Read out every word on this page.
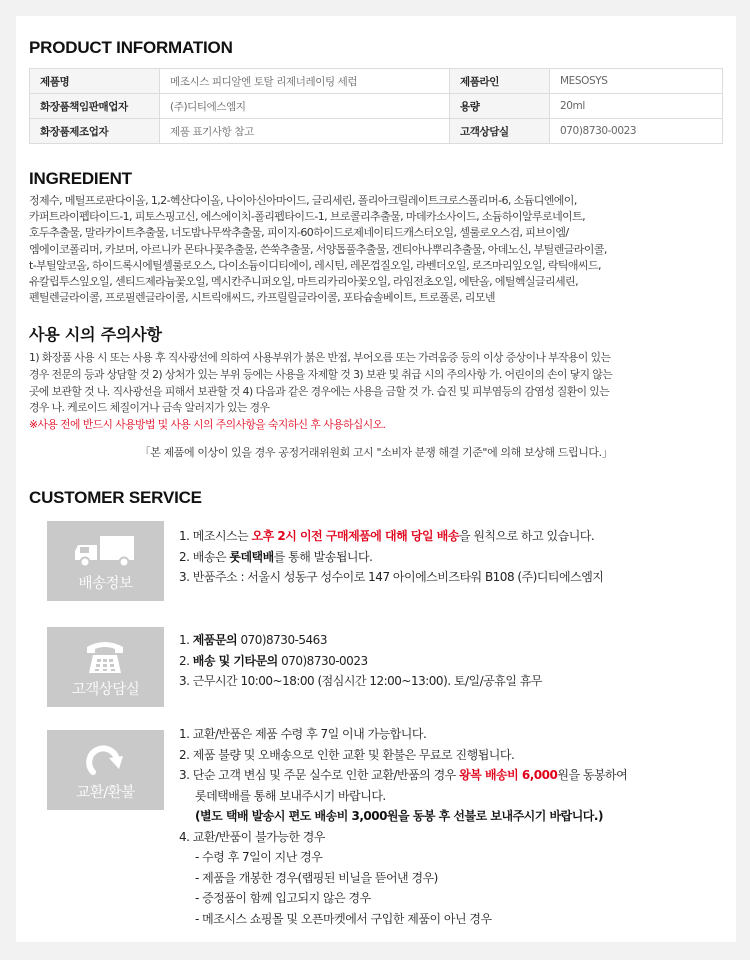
PRODUCT INFORMATION
제품명	메조시스 피디알엔 토탈 리제너레이팅 세럼	제품라인	MESOSYS
화장품책임판매업자	(주)디티에스엠지	용량	20ml
화장품제조업자	제품 표기사항 참고	고객상담실	070)8730-0023
INGREDIENT
정제수, 메틸프로판다이올, 1,2-헥산다이올, 나이아신아마이드, 글리세린, 폴리아크릴레이트크로스폴리머-6, 소듐디엔에이,
카퍼트라이펩타이드-1, 피토스핑고신, 에스에이치-폴리펩타이드-1, 브로콜리추출물, 마데카소사이드, 소듐하이알루로네이트,
호두추출물, 말라카이트추출물, 너도밤나무싹추출물, 피이지-60하이드로제네이티드캐스터오일, 셀룰로오스검, 피브이엠/
엠에이코폴리머, 카보머, 아르니카 몬타나꽃추출물, 쓴쑥추출물, 서양톱풀추출물, 겐티아나뿌리추출물, 아데노신, 부틸렌글라이콜,
t-부틸알코올, 하이드록시에틸셀룰로오스, 다이소듐이디티에이, 레시틴, 레몬껍질오일, 라벤더오일, 로즈마리잎오일, 락틱애씨드,
유칼립투스잎오일, 센티드제라늄꽃오일, 멕시칸주니퍼오일, 마트리카리아꽃오일, 라임전초오일, 에탄올, 에틸헥실글리세린,
펜틸렌글라이콜, 프로필렌글라이콜, 시트릭애씨드, 카프릴릴글라이콜, 포타슘솔베이트, 트로폴론, 리모넨
사용 시의 주의사항
1) 화장품 사용 시 또는 사용 후 직사광선에 의하여 사용부위가 붉은 반점, 부어오름 또는 가려움증 등의 이상 증상이나 부작용이 있는
경우 전문의 등과 상담할 것 2) 상처가 있는 부위 등에는 사용을 자제할 것 3) 보관 및 취급 시의 주의사항 가. 어린이의 손이 닿지 않는
곳에 보관할 것 나. 직사광선을 피해서 보관할 것 4) 다음과 같은 경우에는 사용을 금할 것 가. 습진 및 피부염등의 감염성 질환이 있는
경우 나. 케로이드 체질이거나 금속 알러지가 있는 경우
※사용 전에 반드시 사용방법 및 사용 시의 주의사항을 숙지하신 후 사용하십시오.
「본 제품에 이상이 있을 경우 공정거래위원회 고시 "소비자 분쟁 해결 기준"에 의해 보상해 드립니다.」
CUSTOMER SERVICE
배송정보
1. 메조시스는 오후 2시 이전 구매제품에 대해 당일 배송을 원칙으로 하고 있습니다.
2. 배송은 롯데택배를 통해 발송됩니다.
3. 반품주소 : 서울시 성동구 성수이로 147 아이에스비즈타워 B108 (주)디티에스엠지
고객상담실
1. 제품문의 070)8730-5463
2. 배송 및 기타문의 070)8730-0023
3. 근무시간 10:00~18:00 (점심시간 12:00~13:00). 토/일/공휴일 휴무
교환/환불
1. 교환/반품은 제품 수령 후 7일 이내 가능합니다.
2. 제품 불량 및 오배송으로 인한 교환 및 환불은 무료로 진행됩니다.
3. 단순 고객 변심 및 주문 실수로 인한 교환/반품의 경우 왕복 배송비 6,000원을 동봉하여
롯데택배를 통해 보내주시기 바랍니다.
(별도 택배 발송시 편도 배송비 3,000원을 동봉 후 선불로 보내주시기 바랍니다.)
4. 교환/반품이 불가능한 경우
- 수령 후 7일이 지난 경우
- 제품을 개봉한 경우(랩핑된 비닐을 뜯어낸 경우)
- 증정품이 함께 입고되지 않은 경우
- 메조시스 쇼핑몰 및 오픈마켓에서 구입한 제품이 아닌 경우
